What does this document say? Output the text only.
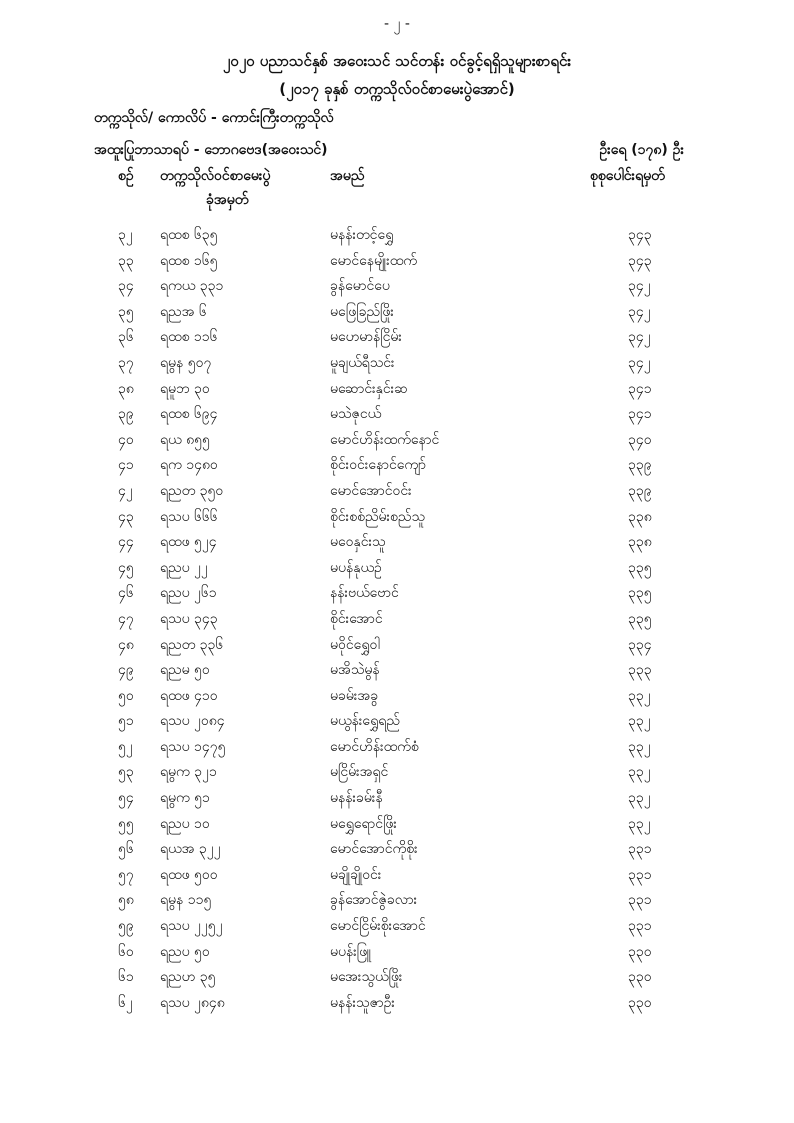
- ၂ -
၂၀၂၀ ပညာသင်နှစ် အဝေးသင် သင်တန်း ဝင်ခွင့်ရရှိသူများစာရင်း
(၂၀၁၇ ခုနှစ် တက္ကသိုလ်ဝင်စာမေးပွဲအောင်)
တက္ကသိုလ်/ ကောလိပ် - ကောင်းကြီးတက္ကသိုလ်
အထူးပြုဘာသာရပ် - ဘောဂဗေဒ(အဝေးသင်)	ဦးရေ (၁၇၈) ဦး
စဉ်	တက္ကသိုလ်ဝင်စာမေးပွဲ
ခုံအမှတ်
အမည်	စုစုပေါင်းရမှတ်
၃၂ ရထစ ၆၃၅	မနန်းတင့်ရွှေ	၃၄၃
၃၃ ရထစ ၁၆၅	မောင်နေမျိုးထက်	၃၄၃
၃၄ ရကယ ၃၃၁	ခွန်မောင်ပေ	၃၄၂
၃၅ ရညအ ၆	မဖြေခြည်ဖြိုး	၃၄၂
၃၆ ရထစ ၁၁၆	မဟေမာန်ငြိမ်း	၃၄၂
၃၇ ရမွန ၅၀၇	မူချယ်ရီသင်း	၃၄၂
၃၈ ရမူဘ ၃၀	မဆောင်းနှင်းဆ	၃၄၁
၃၉ ရထစ ၆၉၄	မသဲဇုငယ်	၃၄၁
၄၀ ရယ ၈၅၅	မောင်ဟိန်းထက်နောင်	၃၄၀
၄၁ ရက ၁၄၈၀	စိုင်းဝင်းနောင်ကျော်	၃၃၉
၄၂ ရညတ ၃၅၀	မောင်အောင်ဝင်း	၃၃၉
၄၃ ရသပ ၆၆၆	စိုင်းစစ်ညိမ်းစည်သူ	၃၃၈
၄၄ ရထဖ ၅၂၄	မဝေနှင်းသူ	၃၃၈
၄၅ ရညပ ၂၂	မပန်နုယဉ်	၃၃၅
၄၆ ရညပ ၂၆၁	နန်းဗယ်ဗောင်	၃၃၅
၄၇ ရသပ ၃၄၃	စိုင်းအောင်	၃၃၅
၄၈ ရညတ ၃၃၆	မဝိုင်ရွှေဝါ	၃၃၄
၄၉ ရညမ ၅၀	မအိသဲမွန်	၃၃၃
၅၀ ရထဖ ၄၁၀	မခမ်းအခွ	၃၃၂
၅၁ ရသပ ၂၀၈၄	မယွန်းရွှေရည်	၃၃၂
၅၂ ရသပ ၁၄၇၅	မောင်ဟိန်းထက်စံ	၃၃၂
၅၃ ရမွက ၃၂၁	မငြိမ်းအရှင်	၃၃၂
၅၄ ရမွက ၅၁	မနန်းခမ်းနီ	၃၃၂
၅၅ ရညပ ၁၀	မရွှေရောင်ဖြိုး	၃၃၂
၅၆ ရယအ ၃၂၂	မောင်အောင်ကိုစိုး	၃၃၁
၅၇ ရထဖ ၅၀၀	မချိုချိုဝင်း	၃၃၁
၅၈ ရမွန ၁၁၅	ခွန်အောင်ဇွဲခလား	၃၃၁
၅၉ ရသပ ၂၂၅၂	မောင်ငြိမ်းစိုးအောင်	၃၃၁
၆၀ ရညပ ၅၀	မပန်းဖြူ	၃၃၀
၆၁ ရညဟ ၃၅	မအေးသွယ်ဖြိုး	၃၃၀
၆၂ ရသပ ၂၈၄၈	မနန်းသူဇာဦး	၃၃၀
